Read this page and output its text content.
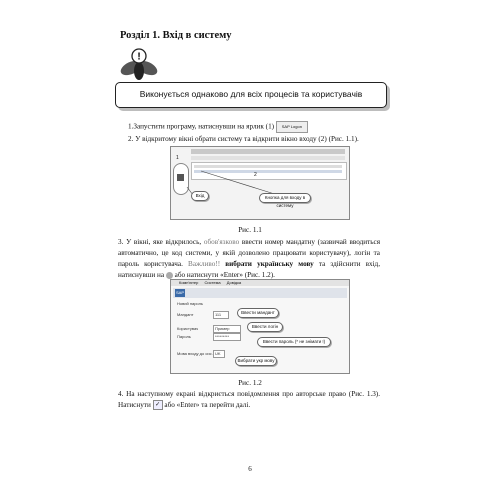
Розділ 1. Вхід в систему
!
Виконується однаково для всіх процесів та користувачів
1.Запустити програму, натиснувши на ярлик (1) SAP Logon
2. У відкритому вікні обрати систему та відкрити вікно входу (2) (Рис. 1.1).
1
2
Вхід	Кнопка для входу в систему
Рис. 1.1
3. У вікні, яке відкрилось, обов'язково ввести номер мандатну (зазвичай вводиться автоматично, це код системи, у якій дозволено працювати користувачу), логін та пароль користувача. Важливо!! вибрати українську мову та здійснити вхід, натиснувши на  або натиснути «Enter» (Рис. 1.2).
Комп'ютер Система Довідка
SAP
Новий пароль
Мандант	111
Користувач	Пример
Пароль	*********
Мова входу до сис. UK
Ввести мандант
Ввести логін
Ввести пароль (* не знімати !)
Вибрати укр мову
Рис. 1.2
4. На наступному екрані відкриється повідомлення про авторське право (Рис. 1.3). Натиснути ✓ або «Enter» та перейти далі.
6
